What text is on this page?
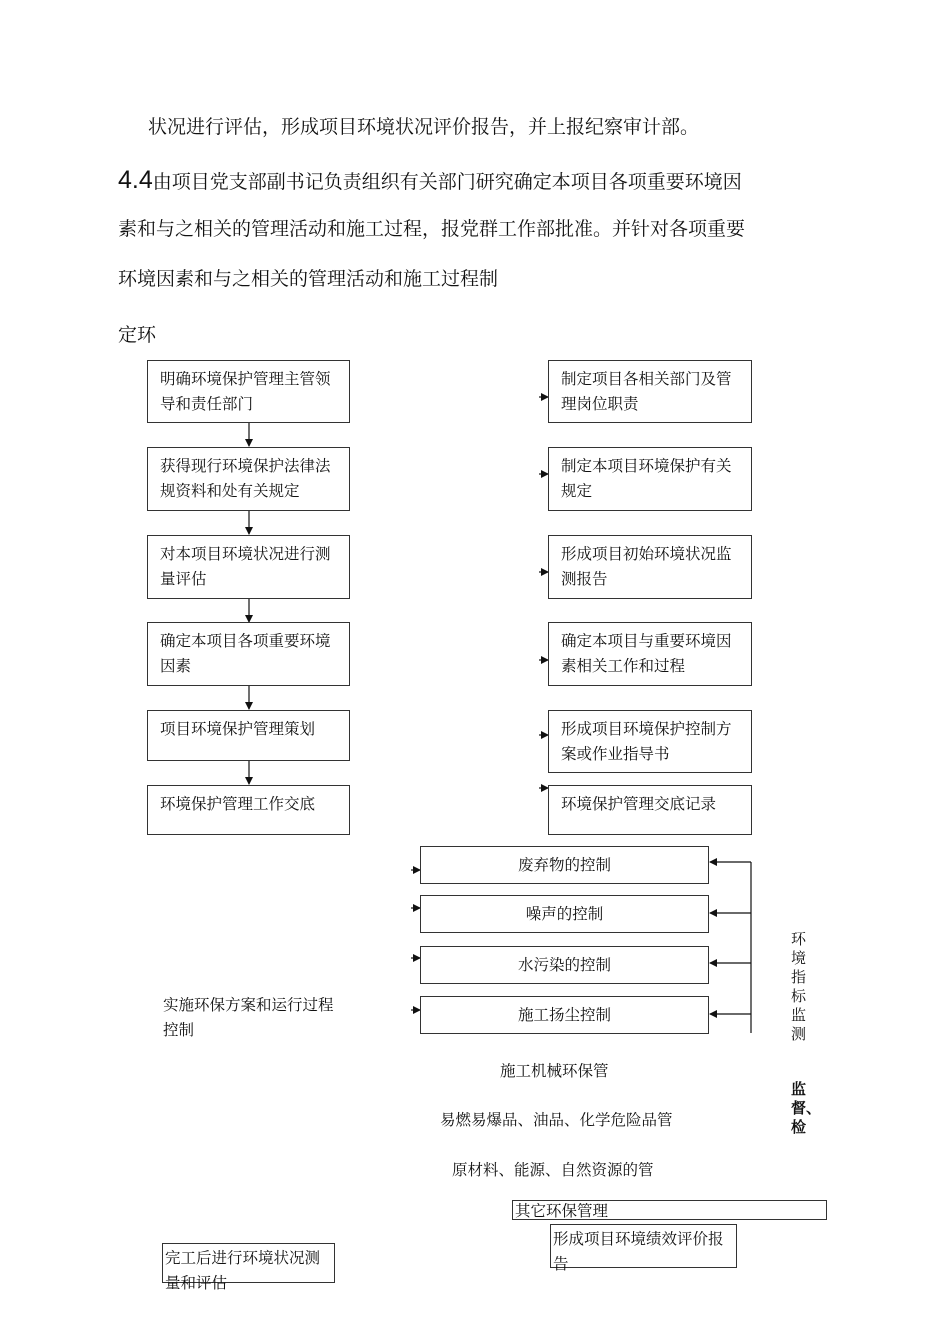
状况进行评估，形成项目环境状况评价报告，并上报纪察审计部。
4.4由项目党支部副书记负责组织有关部门研究确定本项目各项重要环境因
素和与之相关的管理活动和施工过程，报党群工作部批准。并针对各项重要
环境因素和与之相关的管理活动和施工过程制
定环
明确环境保护管理主管领导和责任部门
获得现行环境保护法律法规资料和处有关规定
对本项目环境状况进行测量评估
确定本项目各项重要环境因素
项目环境保护管理策划
环境保护管理工作交底
制定项目各相关部门及管理岗位职责
制定本项目环境保护有关规定
形成项目初始环境状况监测报告
确定本项目与重要环境因素相关工作和过程
形成项目环境保护控制方案或作业指导书
环境保护管理交底记录
废弃物的控制
噪声的控制
水污染的控制
施工扬尘控制
实施环保方案和运行过程控制
施工机械环保管
易燃易爆品、油品、化学危险品管
原材料、能源、自然资源的管
其它环保管理
完工后进行环境状况测量和评估
形成项目环境绩效评价报告
环境指标监测
监督、检
